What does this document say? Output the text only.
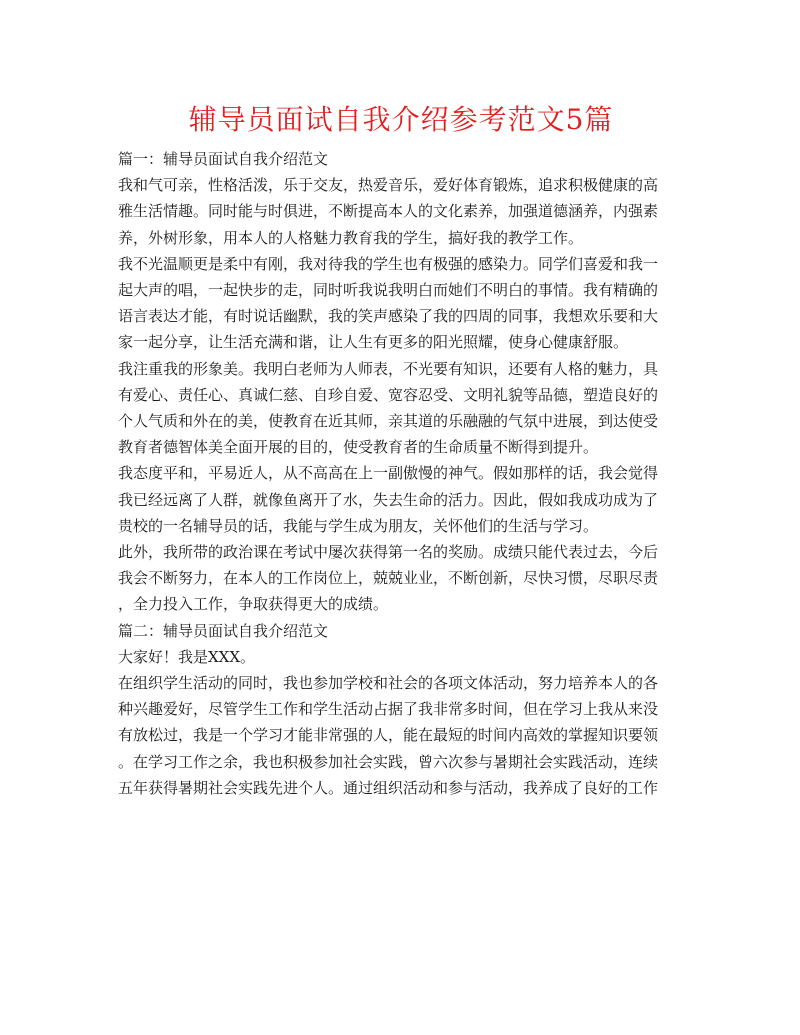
辅导员面试自我介绍参考范文5篇

篇一：辅导员面试自我介绍范文

我和气可亲，性格活泼，乐于交友，热爱音乐，爱好体育锻炼，追求积极健康的高

雅生活情趣。同时能与时俱进，不断提高本人的文化素养，加强道德涵养，内强素

养，外树形象，用本人的人格魅力教育我的学生，搞好我的教学工作。

我不光温顺更是柔中有刚，我对待我的学生也有极强的感染力。同学们喜爱和我一

起大声的唱，一起快步的走，同时听我说我明白而她们不明白的事情。我有精确的

语言表达才能，有时说话幽默，我的笑声感染了我的四周的同事，我想欢乐要和大

家一起分享，让生活充满和谐，让人生有更多的阳光照耀，使身心健康舒服。

我注重我的形象美。我明白老师为人师表，不光要有知识，还要有人格的魅力，具

有爱心、责任心、真诚仁慈、自珍自爱、宽容忍受、文明礼貌等品德，塑造良好的

个人气质和外在的美，使教育在近其师，亲其道的乐融融的气氛中进展，到达使受

教育者德智体美全面开展的目的，使受教育者的生命质量不断得到提升。

我态度平和，平易近人，从不高高在上一副傲慢的神气。假如那样的话，我会觉得

我已经远离了人群，就像鱼离开了水，失去生命的活力。因此，假如我成功成为了

贵校的一名辅导员的话，我能与学生成为朋友，关怀他们的生活与学习。

此外，我所带的政治课在考试中屡次获得第一名的奖励。成绩只能代表过去，今后

我会不断努力，在本人的工作岗位上，兢兢业业，不断创新，尽快习惯，尽职尽责

，全力投入工作，争取获得更大的成绩。

篇二：辅导员面试自我介绍范文

大家好！我是XXX。

在组织学生活动的同时，我也参加学校和社会的各项文体活动，努力培养本人的各

种兴趣爱好，尽管学生工作和学生活动占据了我非常多时间，但在学习上我从来没

有放松过，我是一个学习才能非常强的人，能在最短的时间内高效的掌握知识要领

。在学习工作之余，我也积极参加社会实践，曾六次参与暑期社会实践活动，连续

五年获得暑期社会实践先进个人。通过组织活动和参与活动，我养成了良好的工作
